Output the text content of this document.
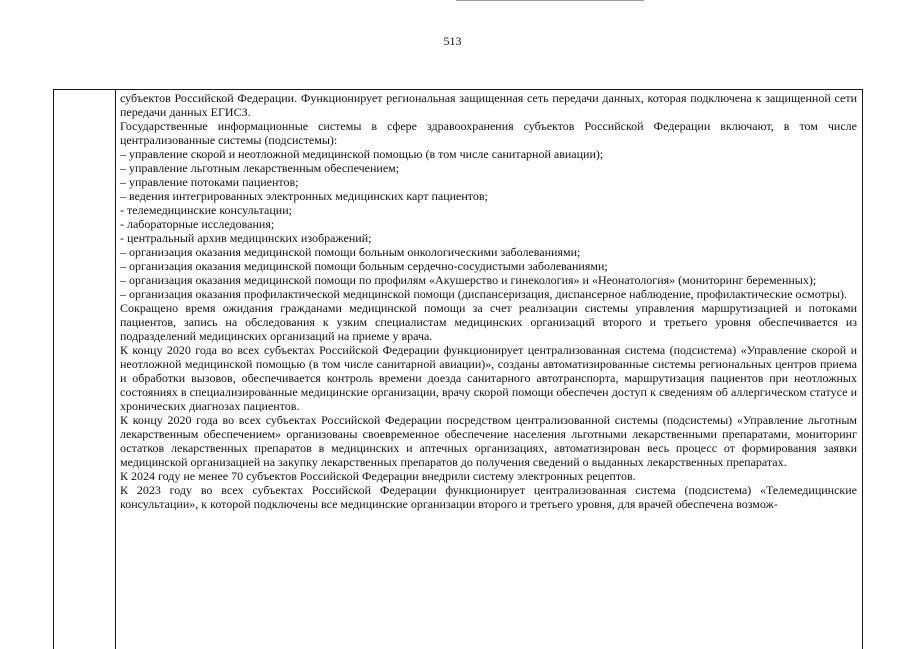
513

субъектов Российской Федерации. Функционирует региональная защищенная сеть передачи данных, которая подключена к защищенной сети передачи данных ЕГИСЗ.

Государственные информационные системы в сфере здравоохранения субъектов Российской Федерации включают, в том числе централизованные системы (подсистемы):

– управление скорой и неотложной медицинской помощью (в том числе санитарной авиации);

– управление льготным лекарственным обеспечением;

– управление потоками пациентов;

– ведения интегрированных электронных медицинских карт пациентов;

- телемедицинские консультации;

- лабораторные исследования;

- центральный архив медицинских изображений;

– организация оказания медицинской помощи больным онкологическими заболеваниями;

– организация оказания медицинской помощи больным сердечно-сосудистыми заболеваниями;

– организация оказания медицинской помощи по профилям «Акушерство и гинекология» и «Неонатология» (мониторинг беременных);

– организация оказания профилактической медицинской помощи (диспансеризация, диспансерное наблюдение, профилактические осмотры).

Сокращено время ожидания гражданами медицинской помощи за счет реализации системы управления маршрутизацией и потоками пациентов, запись на обследования к узким специалистам медицинских организаций второго и третьего уровня обеспечивается из подразделений медицинских организаций на приеме у врача.

К концу 2020 года во всех субъектах Российской Федерации функционирует централизованная система (подсистема) «Управление скорой и неотложной медицинской помощью (в том числе санитарной авиации)», созданы автоматизированные системы региональных центров приема и обработки вызовов, обеспечивается контроль времени доезда санитарного автотранспорта, маршрутизация пациентов при неотложных состояниях в специализированные медицинские организации, врачу скорой помощи обеспечен доступ к сведениям об аллергическом статусе и хронических диагнозах пациентов.

К концу 2020 года во всех субъектах Российской Федерации посредством централизованной системы (подсистемы) «Управление льготным лекарственным обеспечением» организованы своевременное обеспечение населения льготными лекарственными препаратами, мониторинг остатков лекарственных препаратов в медицинских и аптечных организациях, автоматизирован весь процесс от формирования заявки медицинской организацией на закупку лекарственных препаратов до получения сведений о выданных лекарственных препаратах.

К 2024 году не менее 70 субъектов Российской Федерации внедрили систему электронных рецептов.

К 2023 году во всех субъектах Российской Федерации функционирует централизованная система (подсистема) «Телемедицинские консультации», к которой подключены все медицинские организации второго и третьего уровня, для врачей обеспечена возмож-
